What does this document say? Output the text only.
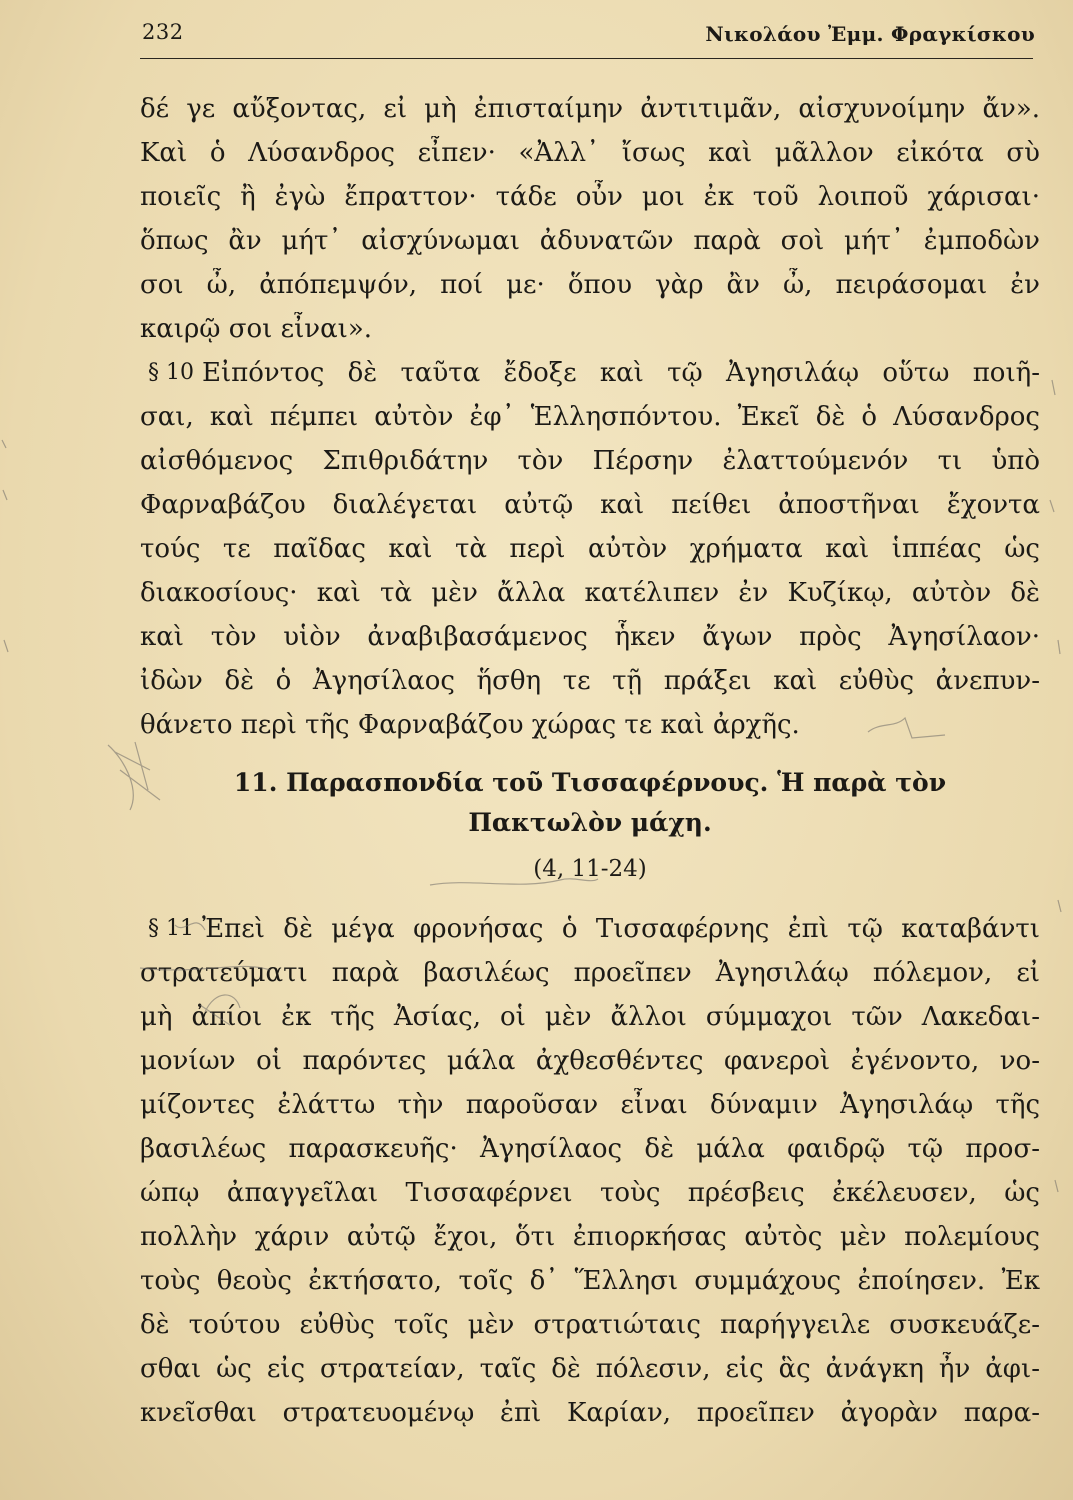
232	Νικολάου Ἐμμ. Φραγκίσκου
δέ γε αὔξοντας, εἰ μὴ ἐπισταίμην ἀντιτιμᾶν, αἰσχυνοίμην ἄν».
Καὶ ὁ Λύσανδρος εἶπεν· «Ἀλλ᾽ ἴσως καὶ μᾶλλον εἰκότα σὺ
ποιεῖς ἢ ἐγὼ ἔπραττον· τάδε οὖν μοι ἐκ τοῦ λοιποῦ χάρισαι·
ὅπως ἂν μήτ᾽ αἰσχύνωμαι ἀδυνατῶν παρὰ σοὶ μήτ᾽ ἐμποδὼν
σοι ὦ, ἀπόπεμψόν, ποί με· ὅπου γὰρ ἂν ὦ, πειράσομαι ἐν
καιρῷ σοι εἶναι».
§ 10 Εἰπόντος δὲ ταῦτα ἔδοξε καὶ τῷ Ἀγησιλάῳ οὕτω ποιῆ-
σαι, καὶ πέμπει αὐτὸν ἐφ᾽ Ἑλλησπόντου. Ἐκεῖ δὲ ὁ Λύσανδρος
αἰσθόμενος Σπιθριδάτην τὸν Πέρσην ἐλαττούμενόν τι ὑπὸ
Φαρναβάζου διαλέγεται αὐτῷ καὶ πείθει ἀποστῆναι ἔχοντα
τούς τε παῖδας καὶ τὰ περὶ αὐτὸν χρήματα καὶ ἱππέας ὡς
διακοσίους· καὶ τὰ μὲν ἄλλα κατέλιπεν ἐν Κυζίκῳ, αὐτὸν δὲ
καὶ τὸν υἱὸν ἀναβιβασάμενος ἧκεν ἄγων πρὸς Ἀγησίλαον·
ἰδὼν δὲ ὁ Ἀγησίλαος ἥσθη τε τῇ πράξει καὶ εὐθὺς ἀνεπυν-
θάνετο περὶ τῆς Φαρναβάζου χώρας τε καὶ ἀρχῆς.
11. Παρασπονδία τοῦ Τισσαφέρνους. Ἡ παρὰ τὸν
Πακτωλὸν μάχη.
(4, 11-24)
§ 11 Ἐπεὶ δὲ μέγα φρονήσας ὁ Τισσαφέρνης ἐπὶ τῷ καταβάντι
στρατεύματι παρὰ βασιλέως προεῖπεν Ἀγησιλάῳ πόλεμον, εἰ
μὴ ἀπίοι ἐκ τῆς Ἀσίας, οἱ μὲν ἄλλοι σύμμαχοι τῶν Λακεδαι-
μονίων οἱ παρόντες μάλα ἀχθεσθέντες φανεροὶ ἐγένοντο, νο-
μίζοντες ἐλάττω τὴν παροῦσαν εἶναι δύναμιν Ἀγησιλάῳ τῆς
βασιλέως παρασκευῆς· Ἀγησίλαος δὲ μάλα φαιδρῷ τῷ προσ-
ώπῳ ἀπαγγεῖλαι Τισσαφέρνει τοὺς πρέσβεις ἐκέλευσεν, ὡς
πολλὴν χάριν αὐτῷ ἔχοι, ὅτι ἐπιορκήσας αὐτὸς μὲν πολεμίους
τοὺς θεοὺς ἐκτήσατο, τοῖς δ᾽ Ἕλλησι συμμάχους ἐποίησεν. Ἐκ
δὲ τούτου εὐθὺς τοῖς μὲν στρατιώταις παρήγγειλε συσκευάζε-
σθαι ὡς εἰς στρατείαν, ταῖς δὲ πόλεσιν, εἰς ἃς ἀνάγκη ἦν ἀφι-
κνεῖσθαι στρατευομένῳ ἐπὶ Καρίαν, προεῖπεν ἀγορὰν παρα-
